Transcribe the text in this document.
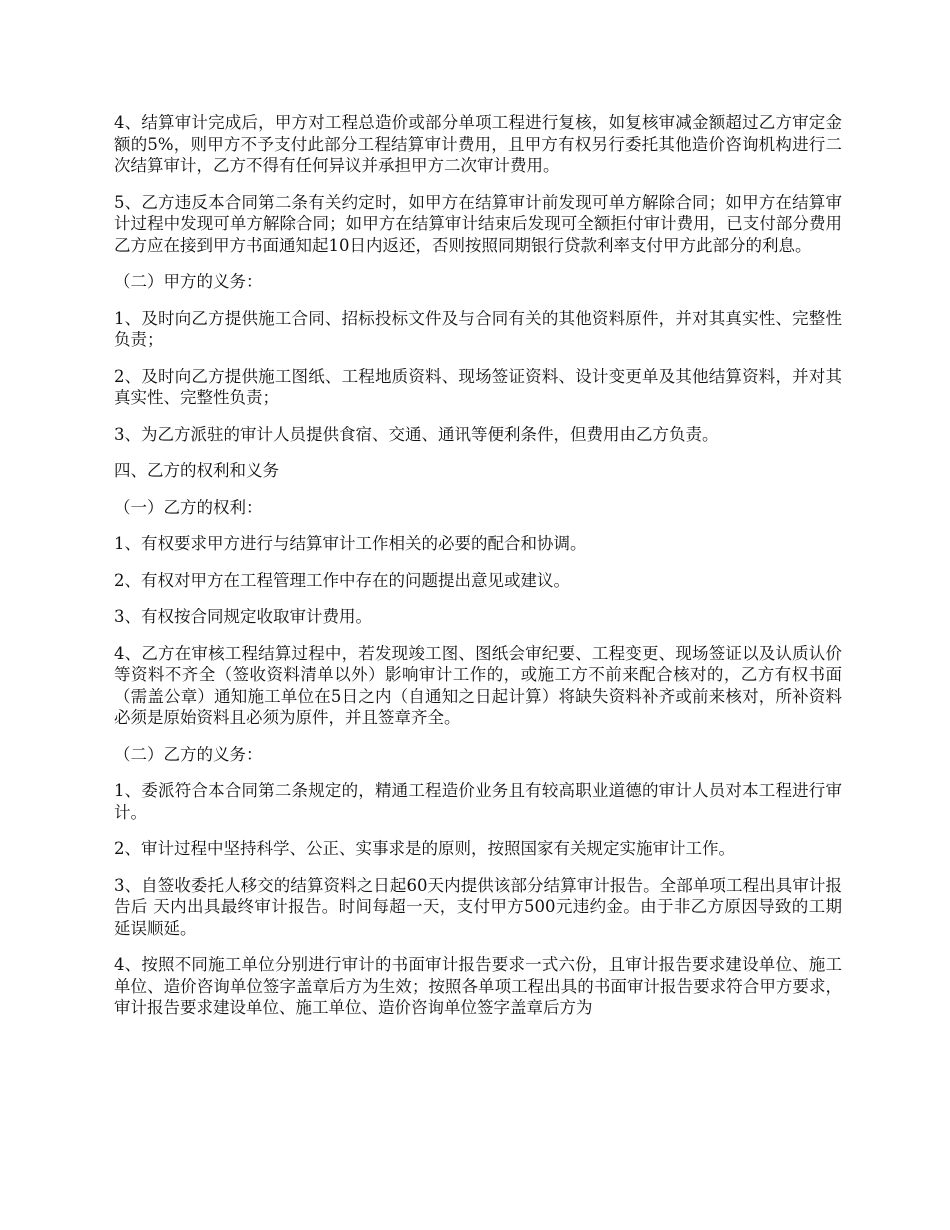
4、结算审计完成后，甲方对工程总造价或部分单项工程进行复核，如复核审减金额超过乙方审定金额的5%，则甲方不予支付此部分工程结算审计费用，且甲方有权另行委托其他造价咨询机构进行二次结算审计，乙方不得有任何异议并承担甲方二次审计费用。

5、乙方违反本合同第二条有关约定时，如甲方在结算审计前发现可单方解除合同；如甲方在结算审计过程中发现可单方解除合同；如甲方在结算审计结束后发现可全额拒付审计费用，已支付部分费用乙方应在接到甲方书面通知起10日内返还，否则按照同期银行贷款利率支付甲方此部分的利息。

（二）甲方的义务：

1、及时向乙方提供施工合同、招标投标文件及与合同有关的其他资料原件，并对其真实性、完整性负责；

2、及时向乙方提供施工图纸、工程地质资料、现场签证资料、设计变更单及其他结算资料，并对其真实性、完整性负责；

3、为乙方派驻的审计人员提供食宿、交通、通讯等便利条件，但费用由乙方负责。

四、乙方的权利和义务

（一）乙方的权利：

1、有权要求甲方进行与结算审计工作相关的必要的配合和协调。

2、有权对甲方在工程管理工作中存在的问题提出意见或建议。

3、有权按合同规定收取审计费用。

4、乙方在审核工程结算过程中，若发现竣工图、图纸会审纪要、工程变更、现场签证以及认质认价等资料不齐全（签收资料清单以外）影响审计工作的，或施工方不前来配合核对的，乙方有权书面（需盖公章）通知施工单位在5日之内（自通知之日起计算）将缺失资料补齐或前来核对，所补资料必须是原始资料且必须为原件，并且签章齐全。

（二）乙方的义务：

1、委派符合本合同第二条规定的，精通工程造价业务且有较高职业道德的审计人员对本工程进行审计。

2、审计过程中坚持科学、公正、实事求是的原则，按照国家有关规定实施审计工作。

3、自签收委托人移交的结算资料之日起60天内提供该部分结算审计报告。全部单项工程出具审计报告后 天内出具最终审计报告。时间每超一天，支付甲方500元违约金。由于非乙方原因导致的工期延误顺延。

4、按照不同施工单位分别进行审计的书面审计报告要求一式六份，且审计报告要求建设单位、施工单位、造价咨询单位签字盖章后方为生效；按照各单项工程出具的书面审计报告要求符合甲方要求，审计报告要求建设单位、施工单位、造价咨询单位签字盖章后方为
